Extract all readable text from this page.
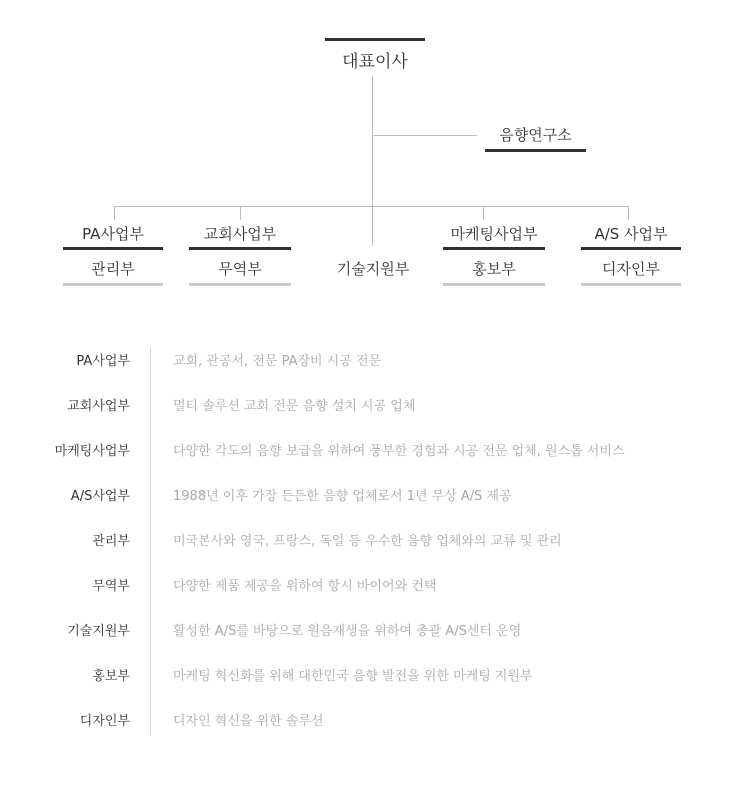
대표이사
음향연구소
PA사업부	교회사업부	마케팅사업부	A/S 사업부
관리부	무역부	기술지원부	홍보부	디자인부
PA사업부	교회, 관공서, 전문 PA장비 시공 전문
교회사업부	멀티 솔루션 교회 전문 음향 설치 시공 업체
마케팅사업부	다양한 각도의 음향 보급을 위하여 풍부한 경험과 시공 전문 업체, 원스톱 서비스
A/S사업부	1988년 이후 가장 든든한 음향 업체로서 1년 무상 A/S 제공
관리부	미국본사와 영국, 프랑스, 독일 등 우수한 음향 업체와의 교류 및 관리
무역부	다양한 제품 제공을 위하여 항시 바이어와 컨택
기술지원부	활성한 A/S를 바탕으로 원음재생을 위하여 총괄 A/S센터 운영
홍보부	마케팅 혁신화를 위해 대한민국 음향 발전을 위한 마케팅 지원부
디자인부	디자인 혁신을 위한 솔루션
